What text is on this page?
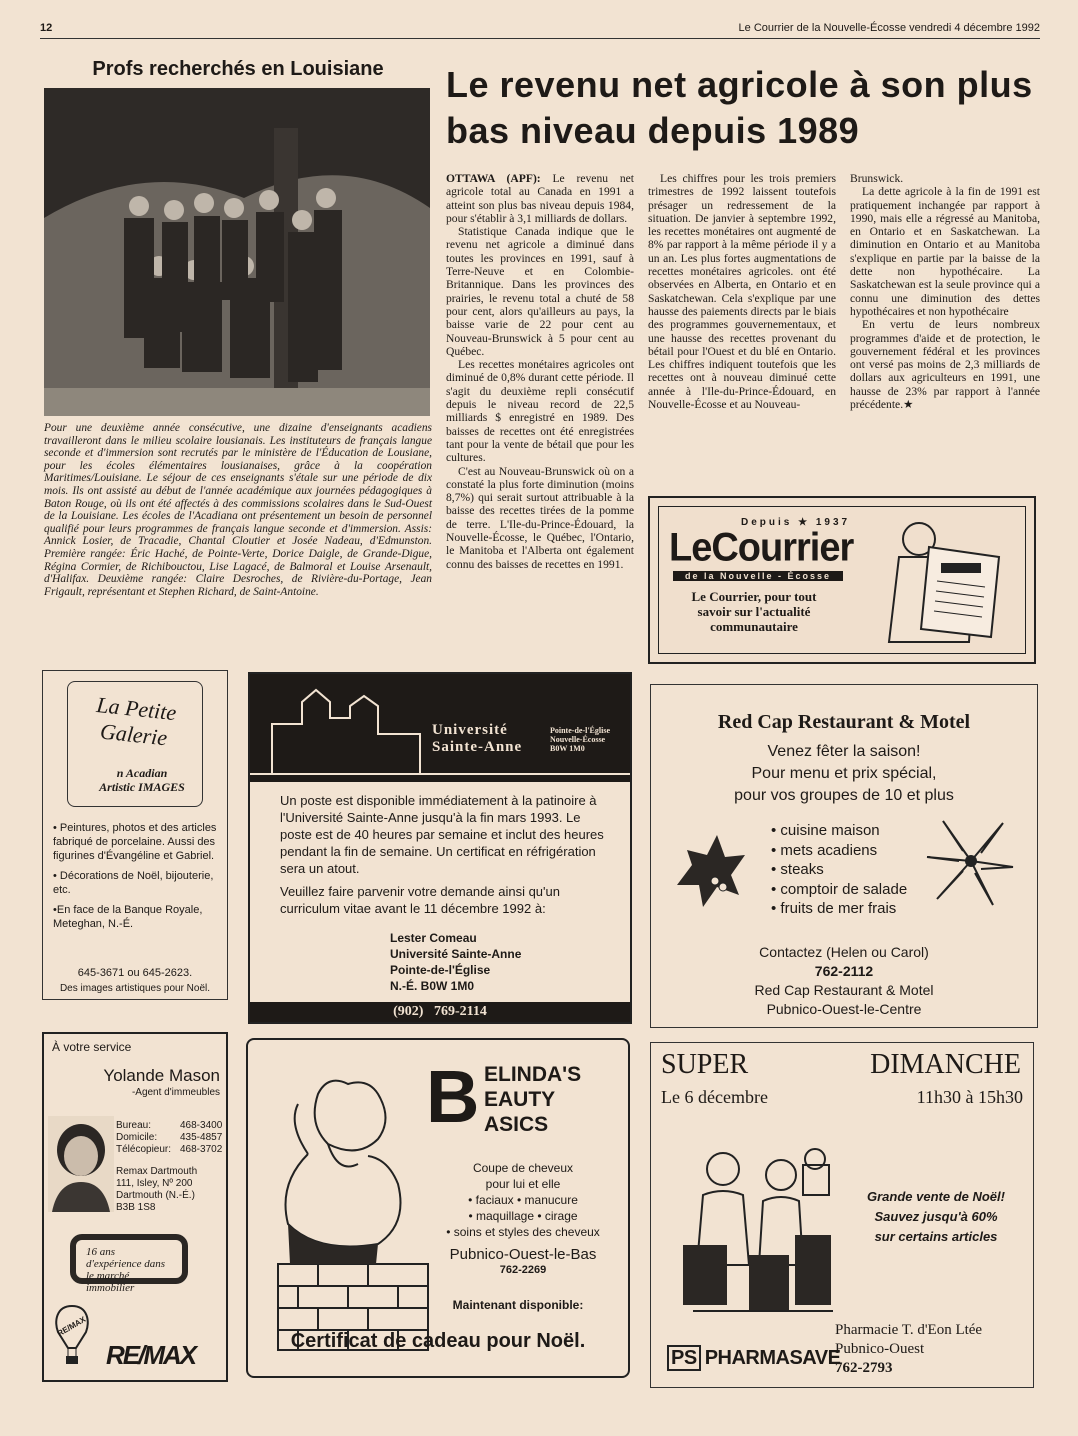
12	Le Courrier de la Nouvelle-Écosse vendredi 4 décembre 1992
Profs recherchés en Louisiane
Pour une deuxième année consécutive, une dizaine d'enseignants acadiens travailleront dans le milieu scolaire lousianais. Les instituteurs de français langue seconde et d'immersion sont recrutés par le ministère de l'Éducation de Lousiane, pour les écoles élémentaires lousianaises, grâce à la coopération Maritimes/Louisiane. Le séjour de ces enseignants s'étale sur une période de dix mois. Ils ont assisté au début de l'année académique aux journées pédagogiques à Baton Rouge, où ils ont été affectés à des commissions scolaires dans le Sud-Ouest de la Louisiane. Les écoles de l'Acadiana ont présentement un besoin de personnel qualifié pour leurs programmes de français langue seconde et d'immersion. Assis: Annick Losier, de Tracadie, Chantal Cloutier et Josée Nadeau, d'Edmunston. Première rangée: Éric Haché, de Pointe-Verte, Dorice Daigle, de Grande-Digue, Régina Cormier, de Richibouctou, Lise Lagacé, de Balmoral et Louise Arsenault, d'Halifax. Deuxième rangée: Claire Desroches, de Rivière-du-Portage, Jean Frigault, représentant et Stephen Richard, de Saint-Antoine.
Le revenu net agricole à son plus bas niveau depuis 1989

OTTAWA (APF): Le revenu net agricole total au Canada en 1991 a atteint son plus bas niveau depuis 1984, pour s'établir à 3,1 milliards de dollars.

Statistique Canada indique que le revenu net agricole a diminué dans toutes les provinces en 1991, sauf à Terre-Neuve et en Colombie-Britannique. Dans les provinces des prairies, le revenu total a chuté de 58 pour cent, alors qu'ailleurs au pays, la baisse varie de 22 pour cent au Nouveau-Brunswick à 5 pour cent au Québec.

Les recettes monétaires agricoles ont diminué de 0,8% durant cette période. Il s'agit du deuxième repli consécutif depuis le niveau record de 22,5 milliards $ enregistré en 1989. Des baisses de recettes ont été enregistrées tant pour la vente de bétail que pour les cultures.

C'est au Nouveau-Brunswick où on a constaté la plus forte diminution (moins 8,7%) qui serait surtout attribuable à la baisse des recettes tirées de la pomme de terre. L'Ile-du-Prince-Édouard, la Nouvelle-Écosse, le Québec, l'Ontario, le Manitoba et l'Alberta ont également connu des baisses de recettes en 1991.

Les chiffres pour les trois premiers trimestres de 1992 laissent toutefois présager un redressement de la situation. De janvier à septembre 1992, les recettes monétaires ont augmenté de 8% par rapport à la même période il y a un an. Les plus fortes augmentations de recettes monétaires agricoles. ont été observées en Alberta, en Ontario et en Saskatchewan. Cela s'explique par une hausse des paiements directs par le biais des programmes gouvernementaux, et une hausse des recettes provenant du bétail pour l'Ouest et du blé en Ontario. Les chiffres indiquent toutefois que les recettes ont à nouveau diminué cette année à l'Ile-du-Prince-Édouard, en Nouvelle-Écosse et au Nouveau-

Brunswick.

La dette agricole à la fin de 1991 est pratiquement inchangée par rapport à 1990, mais elle a régressé au Manitoba, en Ontario et en Saskatchewan. La diminution en Ontario et au Manitoba s'explique en partie par la baisse de la dette non hypothécaire. La Saskatchewan est la seule province qui a connu une diminution des dettes hypothécaires et non hypothécaire

En vertu de leurs nombreux programmes d'aide et de protection, le gouvernement fédéral et les provinces ont versé pas moins de 2,3 milliards de dollars aux agriculteurs en 1991, une hausse de 23% par rapport à l'année précédente.★

Depuis ★ 1937
LeCourrier
de la Nouvelle - Écosse
Le Courrier, pour tout savoir sur l'actualité communautaire
La Petite Galerie
n Acadian Artistic IMAGES
• Peintures, photos et des articles fabriqué de porcelaine. Aussi des figurines d'Évangéline et Gabriel.
• Décorations de Noël, bijouterie, etc.
•En face de la Banque Royale, Meteghan, N.-É.
645-3671 ou 645-2623.
Des images artistiques pour Noël.
Université
Sainte-Anne
Pointe-de-l'Église
Nouvelle-Écosse
B0W 1M0
Un poste est disponible immédiatement à la patinoire à l'Université Sainte-Anne jusqu'à la fin mars 1993. Le poste est de 40 heures par semaine et inclut des heures pendant la fin de semaine. Un certificat en réfrigération sera un atout.
Veuillez faire parvenir votre demande ainsi qu'un curriculum vitae avant le 11 décembre 1992 à:
Lester Comeau
Université Sainte-Anne
Pointe-de-l'Église
N.-É. B0W 1M0
(902)   769-2114
Red Cap Restaurant & Motel
Venez fêter la saison!
Pour menu et prix spécial,
pour vos groupes de 10 et plus
• cuisine maison
• mets acadiens
• steaks
• comptoir de salade
• fruits de mer frais
Contactez (Helen ou Carol)
762-2112
Red Cap Restaurant & Motel
Pubnico-Ouest-le-Centre
À votre service
Yolande Mason
-Agent d'immeubles
Bureau:	468-3400
Domicile: 435-4857
Télécopieur: 468-3702
Remax Dartmouth
111, Isley, Nº 200
Dartmouth (N.-É.)
B3B 1S8
16 ans d'expérience dans le marché immobilier
RE/MAX
RE/MAX
B ELINDA'S
EAUTY
ASICS
Coupe de cheveux
pour lui et elle
• faciaux • manucure
• maquillage • cirage
• soins et styles des cheveux
Pubnico-Ouest-le-Bas
762-2269
Maintenant disponible:
Certificat de cadeau pour Noël.
SUPER	DIMANCHE
Le 6 décembre	11h30 à 15h30
Grande vente de Noël!
Sauvez jusqu'à 60%
sur certains articles
Pharmacie T. d'Eon Ltée
Pubnico-Ouest
762-2793
PS PHARMASAVE
